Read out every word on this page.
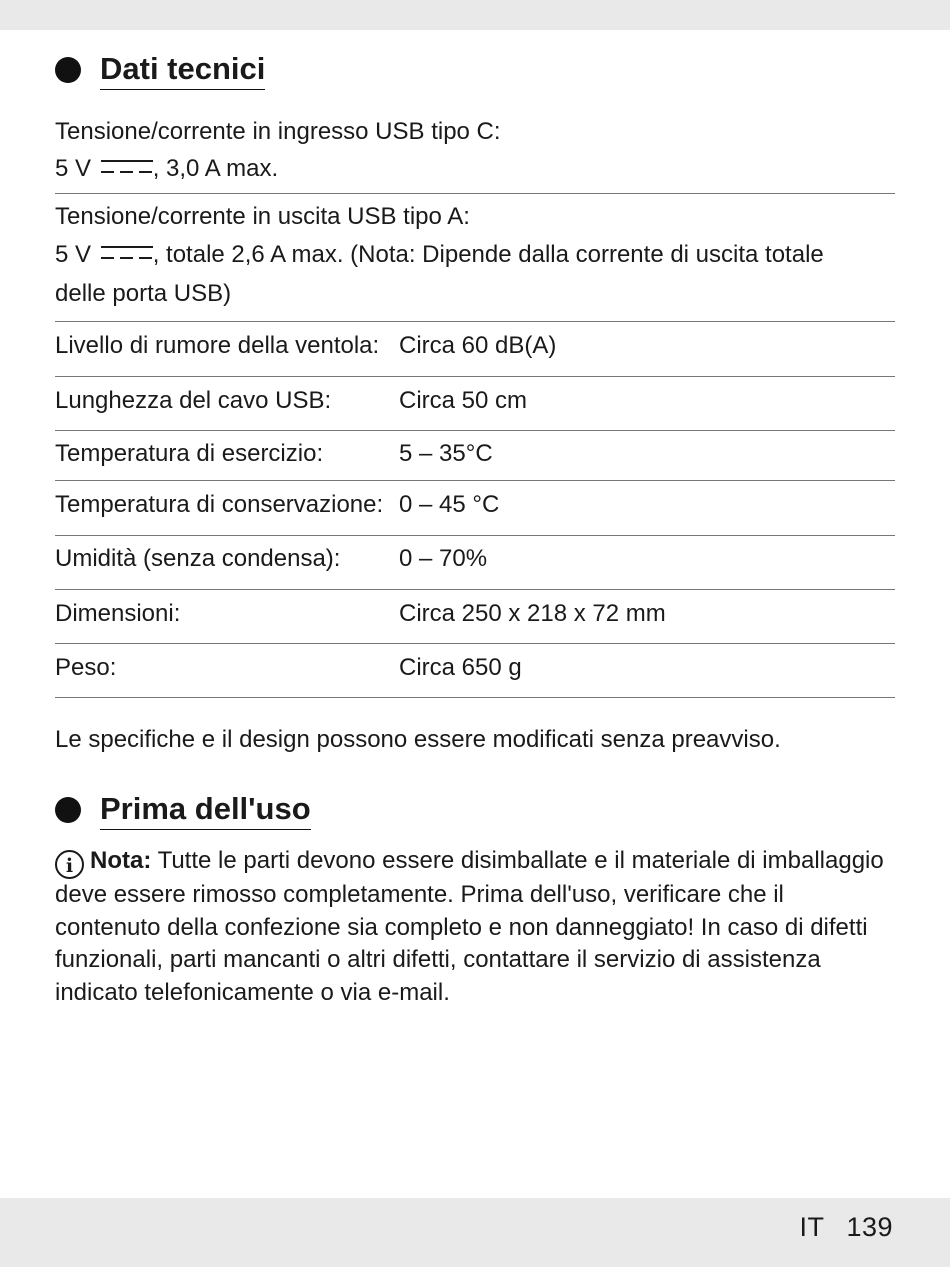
Dati tecnici
Tensione/corrente in ingresso USB tipo C:
5 V	, 3,0 A max.
Tensione/corrente in uscita USB tipo A:
5 V	, totale 2,6 A max. (Nota: Dipende dalla corrente di uscita totale
delle porta USB)
Livello di rumore della ventola: Circa 60 dB(A)
Lunghezza del cavo USB:	Circa 50 cm
Temperatura di esercizio:	5 – 35°C
Temperatura di conservazione: 0 – 45 °C
Umidità (senza condensa): 0 – 70%
Dimensioni:	Circa 250 x 218 x 72 mm
Peso:	Circa 650 g
Le specifiche e il design possono essere modificati senza preavviso.
Prima dell'uso
i Nota: Tutte le parti devono essere disimballate e il materiale di imballaggio deve essere rimosso completamente. Prima dell'uso, verificare che il contenuto della confezione sia completo e non danneggiato! In caso di difetti funzionali, parti mancanti o altri difetti, contattare il servizio di assistenza indicato telefonicamente o via e-mail.
IT 139
